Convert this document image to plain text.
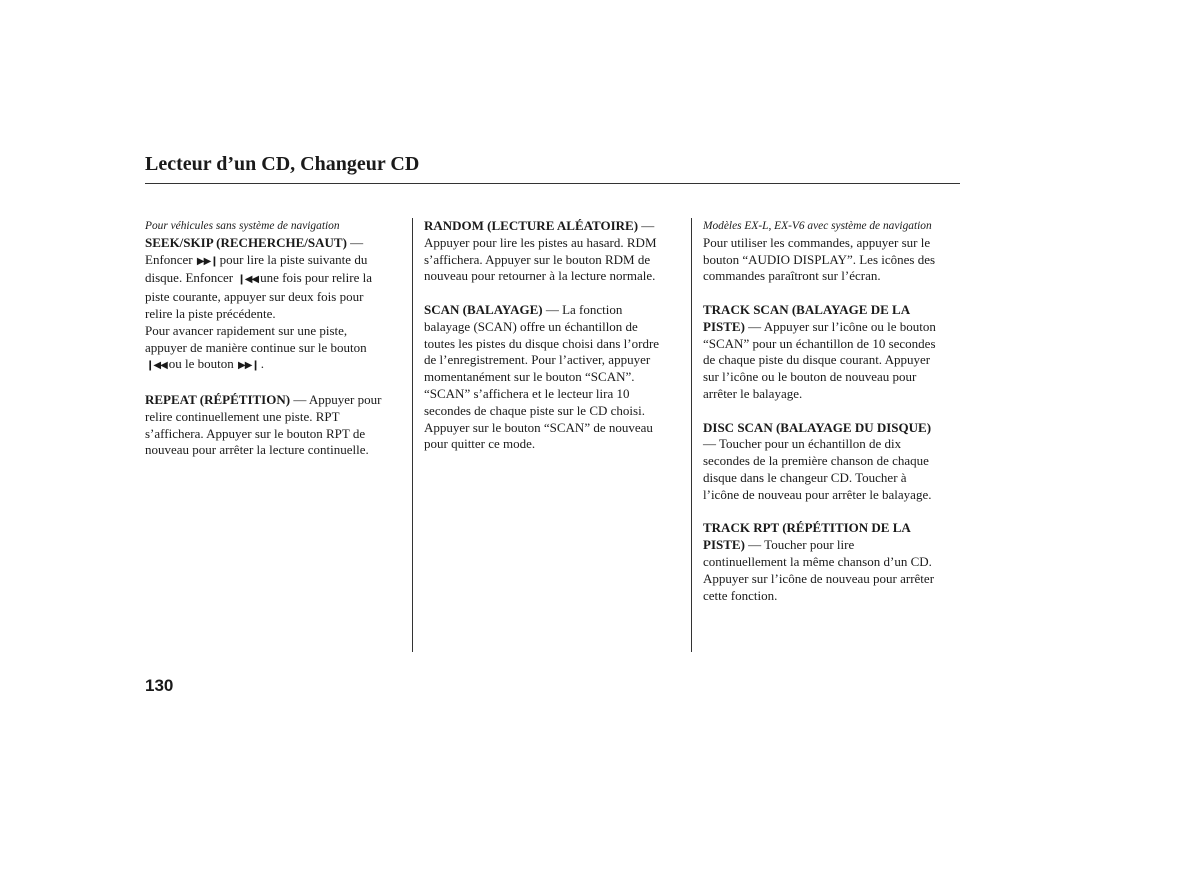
Lecteur d’un CD, Changeur CD

Pour véhicules sans système de navigation

SEEK/SKIP (RECHERCHE/SAUT) —

Enfoncer ▶▶❙ pour lire la piste suivante du

disque. Enfoncer ❙◀◀ une fois pour relire la

piste courante, appuyer sur deux fois pour

relire la piste précédente.

Pour avancer rapidement sur une piste,

appuyer de manière continue sur le bouton

❙◀◀ ou le bouton ▶▶❙ .

REPEAT (RÉPÉTITION) — Appuyer pour

relire continuellement une piste. RPT

s’affichera. Appuyer sur le bouton RPT de

nouveau pour arrêter la lecture continuelle.

RANDOM (LECTURE ALÉATOIRE) —

Appuyer pour lire les pistes au hasard. RDM

s’affichera. Appuyer sur le bouton RDM de

nouveau pour retourner à la lecture normale.

SCAN (BALAYAGE) — La fonction

balayage (SCAN) offre un échantillon de

toutes les pistes du disque choisi dans l’ordre

de l’enregistrement. Pour l’activer, appuyer

momentanément sur le bouton “SCAN”.

“SCAN” s’affichera et le lecteur lira 10

secondes de chaque piste sur le CD choisi.

Appuyer sur le bouton “SCAN” de nouveau

pour quitter ce mode.

Modèles EX-L, EX-V6 avec système de navigation

Pour utiliser les commandes, appuyer sur le

bouton “AUDIO DISPLAY”. Les icônes des

commandes paraîtront sur l’écran.

TRACK SCAN (BALAYAGE DE LA

PISTE) — Appuyer sur l’icône ou le bouton

“SCAN” pour un échantillon de 10 secondes

de chaque piste du disque courant. Appuyer

sur l’icône ou le bouton de nouveau pour

arrêter le balayage.

DISC SCAN (BALAYAGE DU DISQUE)

— Toucher pour un échantillon de dix

secondes de la première chanson de chaque

disque dans le changeur CD. Toucher à

l’icône de nouveau pour arrêter le balayage.

TRACK RPT (RÉPÉTITION DE LA

PISTE) — Toucher pour lire

continuellement la même chanson d’un CD.

Appuyer sur l’icône de nouveau pour arrêter

cette fonction.

130
